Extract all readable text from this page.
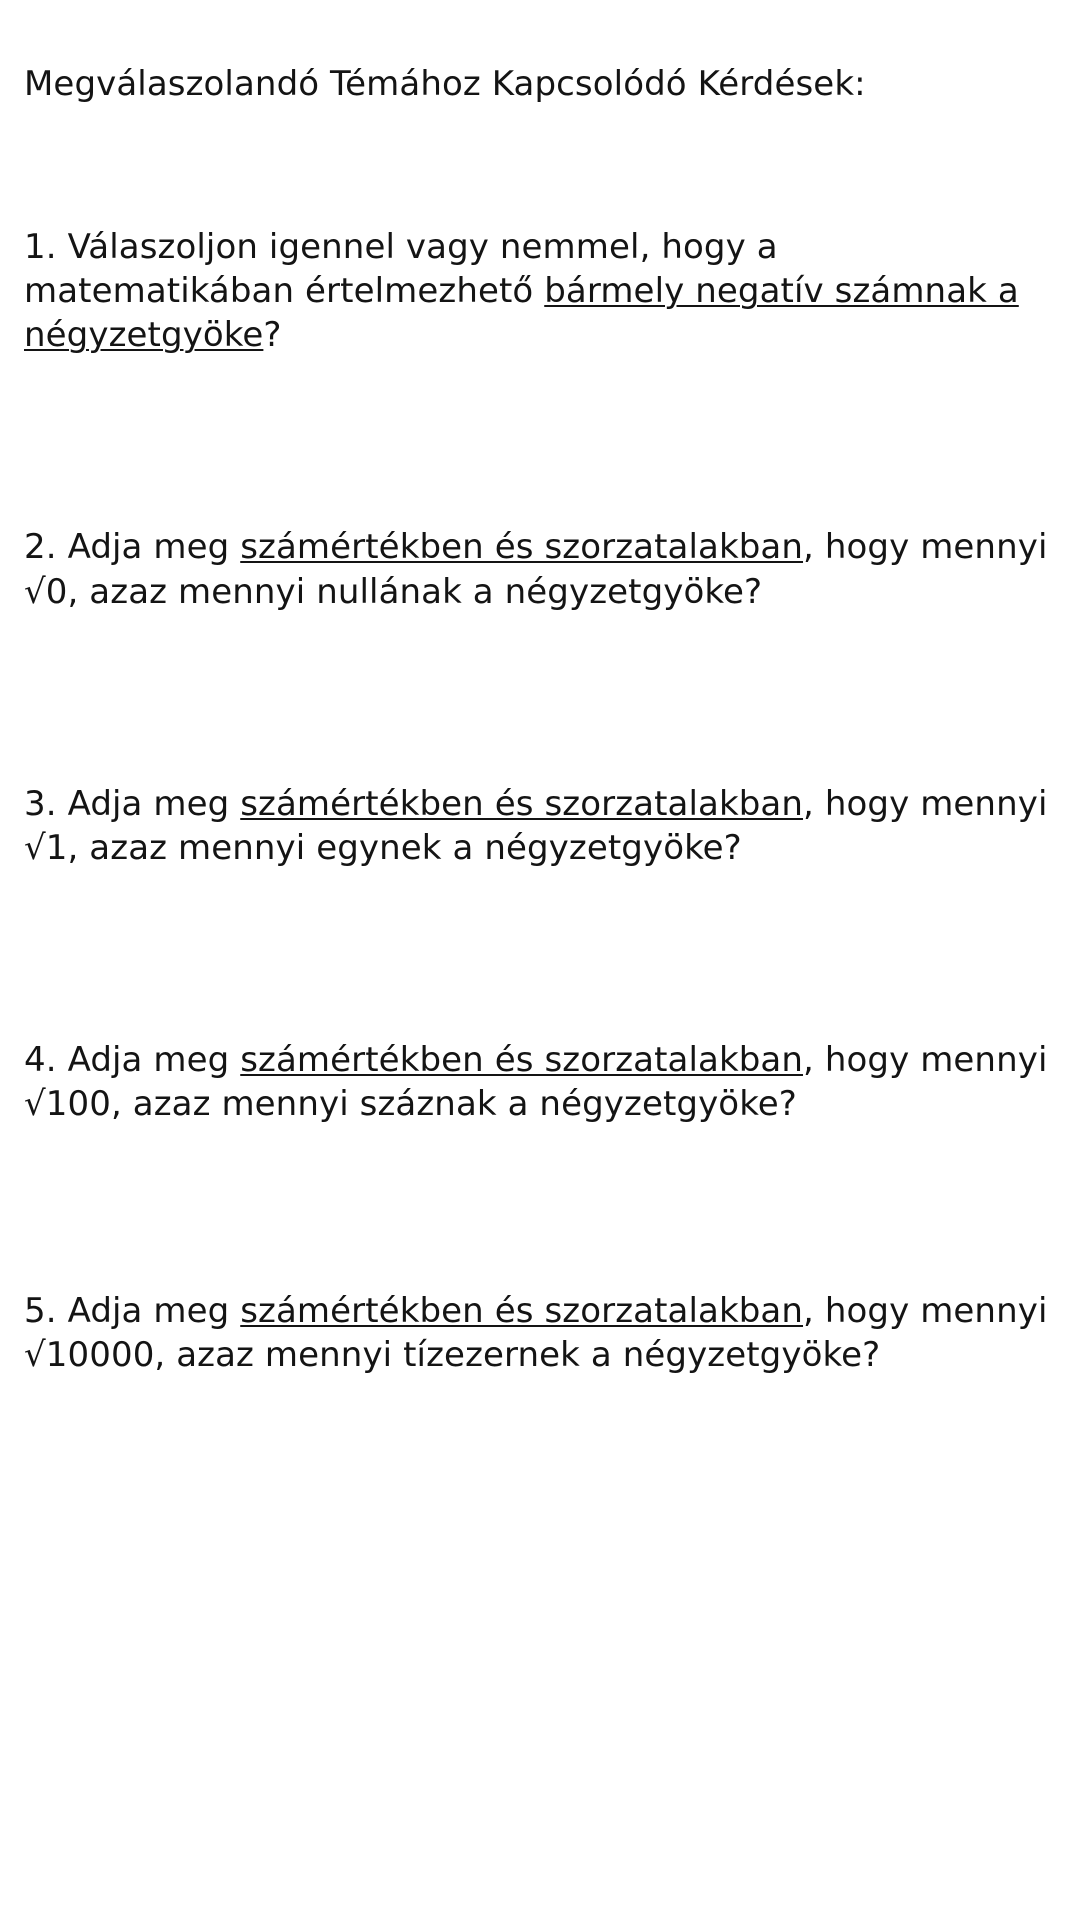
Megválaszolandó Témához Kapcsolódó Kérdések:

1. Válaszoljon igennel vagy nemmel, hogy a matematikában értelmezhető bármely negatív számnak a négyzetgyöke?

2. Adja meg számértékben és szorzatalakban, hogy mennyi √0, azaz mennyi nullának a négyzetgyöke?

3. Adja meg számértékben és szorzatalakban, hogy mennyi √1, azaz mennyi egynek a négyzetgyöke?

4. Adja meg számértékben és szorzatalakban, hogy mennyi √100, azaz mennyi száznak a négyzetgyöke?

5. Adja meg számértékben és szorzatalakban, hogy mennyi √10000, azaz mennyi tízezernek a négyzetgyöke?
